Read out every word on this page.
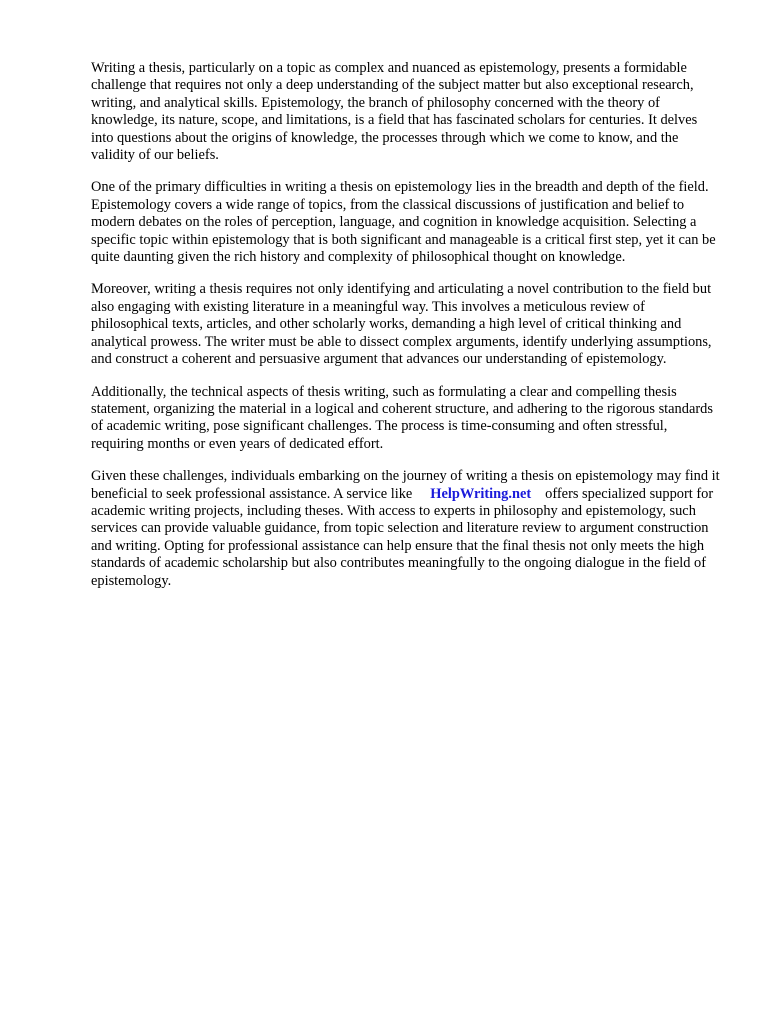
Writing a thesis, particularly on a topic as complex and nuanced as epistemology, presents a formidable challenge that requires not only a deep understanding of the subject matter but also exceptional research, writing, and analytical skills. Epistemology, the branch of philosophy concerned with the theory of knowledge, its nature, scope, and limitations, is a field that has fascinated scholars for centuries. It delves into questions about the origins of knowledge, the processes through which we come to know, and the validity of our beliefs.

One of the primary difficulties in writing a thesis on epistemology lies in the breadth and depth of the field. Epistemology covers a wide range of topics, from the classical discussions of justification and belief to modern debates on the roles of perception, language, and cognition in knowledge acquisition. Selecting a specific topic within epistemology that is both significant and manageable is a critical first step, yet it can be quite daunting given the rich history and complexity of philosophical thought on knowledge.

Moreover, writing a thesis requires not only identifying and articulating a novel contribution to the field but also engaging with existing literature in a meaningful way. This involves a meticulous review of philosophical texts, articles, and other scholarly works, demanding a high level of critical thinking and analytical prowess. The writer must be able to dissect complex arguments, identify underlying assumptions, and construct a coherent and persuasive argument that advances our understanding of epistemology.

Additionally, the technical aspects of thesis writing, such as formulating a clear and compelling thesis statement, organizing the material in a logical and coherent structure, and adhering to the rigorous standards of academic writing, pose significant challenges. The process is time-consuming and often stressful, requiring months or even years of dedicated effort.

Given these challenges, individuals embarking on the journey of writing a thesis on epistemology may find it beneficial to seek professional assistance. A service like HelpWriting.net offers specialized support for academic writing projects, including theses. With access to experts in philosophy and epistemology, such services can provide valuable guidance, from topic selection and literature review to argument construction and writing. Opting for professional assistance can help ensure that the final thesis not only meets the high standards of academic scholarship but also contributes meaningfully to the ongoing dialogue in the field of epistemology.
